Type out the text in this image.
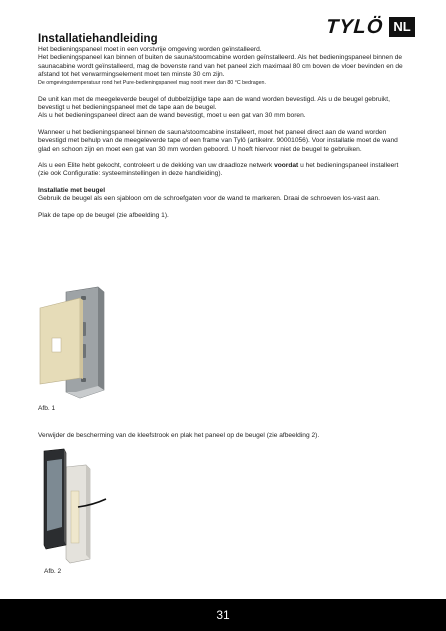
Installatiehandleiding
TYLÖ NL

Het bedieningspaneel moet in een vorstvrije omgeving worden geïnstalleerd.

Het bedieningspaneel kan binnen of buiten de sauna/stoomcabine worden geïnstalleerd. Als het bedieningspaneel binnen de saunacabine wordt geïnstalleerd, mag de bovenste rand van het paneel zich maximaal 80 cm boven de vloer bevinden en de afstand tot het verwarmingselement moet ten minste 30 cm zijn.

De omgevingstemperatuur rond het Pure-bedieningspaneel mag nooit meer dan 80 °C bedragen.

De unit kan met de meegeleverde beugel of dubbelzijdige tape aan de wand worden bevestigd. Als u de beugel gebruikt, bevestigt u het bedieningspaneel met de tape aan de beugel.

Als u het bedieningspaneel direct aan de wand bevestigt, moet u een gat van 30 mm boren.

Wanneer u het bedieningspaneel binnen de sauna/stoomcabine installeert, moet het paneel direct aan de wand worden bevestigd met behulp van de meegeleverde tape of een frame van Tylö (artikelnr. 90001056). Voor installatie moet de wand glad en schoon zijn en moet een gat van 30 mm worden geboord. U hoeft hiervoor niet de beugel te gebruiken.

Als u een Elite hebt gekocht, controleert u de dekking van uw draadloze netwerk voordat u het bedieningspaneel installeert (zie ook Configuratie: systeeminstellingen in deze handleiding).

Installatie met beugel

Gebruik de beugel als een sjabloon om de schroefgaten voor de wand te markeren. Draai de schroeven los-vast aan.

Plak de tape op de beugel (zie afbeelding 1).

Afb. 1
Verwijder de bescherming van de kleefstrook en plak het paneel op de beugel (zie afbeelding 2).
Afb. 2
31
